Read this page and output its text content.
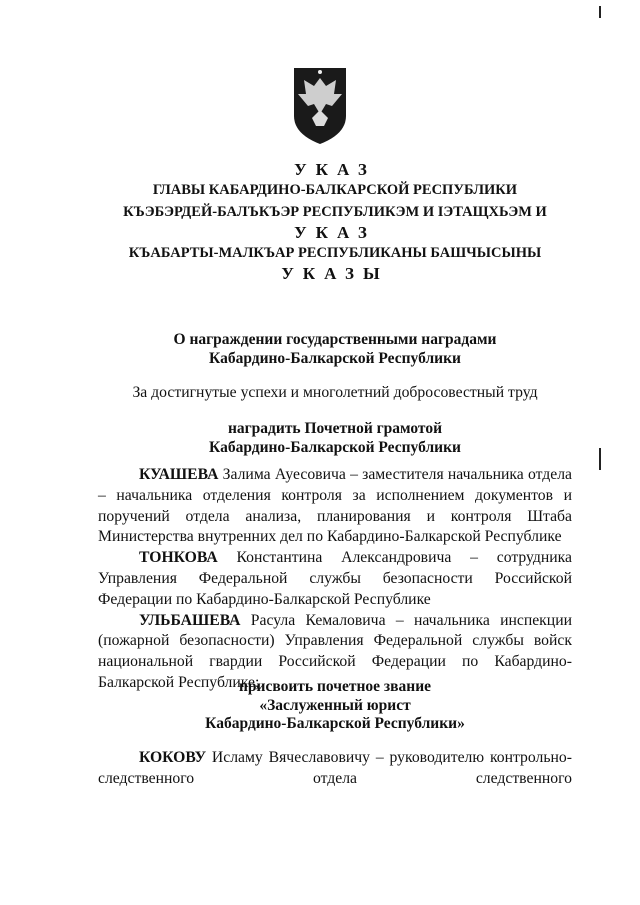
УКАЗ
ГЛАВЫ КАБАРДИНО-БАЛКАРСКОЙ РЕСПУБЛИКИ
КЪЭБЭРДЕЙ-БАЛЪКЪЭР РЕСПУБЛИКЭМ И IЭТАЩХЬЭМ И
УКАЗ
КЪАБАРТЫ-МАЛКЪАР РЕСПУБЛИКАНЫ БАШЧЫСЫНЫ
УКАЗЫ
О награждении государственными наградами
Кабардино-Балкарской Республики
За достигнутые успехи и многолетний добросовестный труд
наградить Почетной грамотой
Кабардино-Балкарской Республики

КУАШЕВА Залима Ауесовича – заместителя начальника отдела – начальника отделения контроля за исполнением документов и поручений отдела анализа, планирования и контроля Штаба Министерства внутренних дел по Кабардино-Балкарской Республике

ТОНКОВА Константина Александровича – сотрудника Управления Федеральной службы безопасности Российской Федерации по Кабардино-Балкарской Республике

УЛЬБАШЕВА Расула Кемаловича – начальника инспекции (пожарной безопасности) Управления Федеральной службы войск национальной гвардии Российской Федерации по Кабардино-Балкарской Республике;

присвоить почетное звание
«Заслуженный юрист
Кабардино-Балкарской Республики»

КОКОВУ Исламу Вячеславовичу – руководителю контрольно-следственного отдела следственного
